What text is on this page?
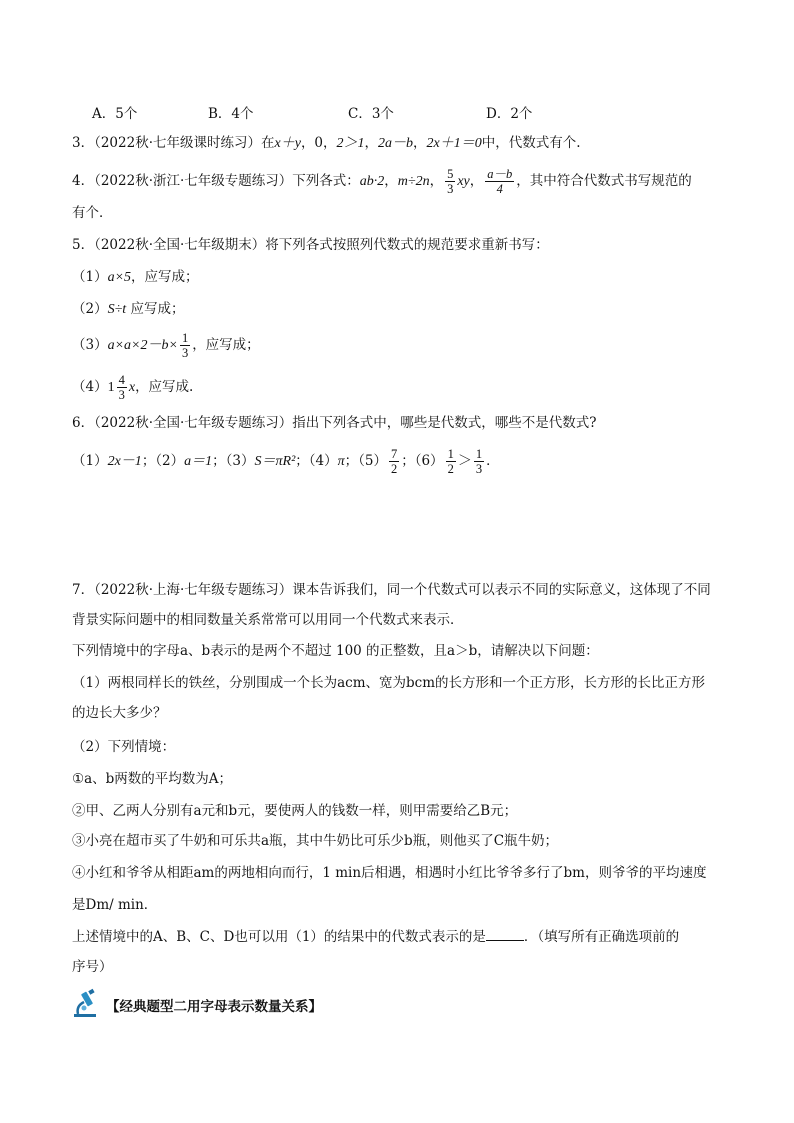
A．5个	B．4个	C．3个	D．2个
3．（2022秋·七年级课时练习）在x＋y，0，2＞1，2a－b，2x＋1＝0中，代数式有个.
4．（2022秋·浙江·七年级专题练习）下列各式：ab·2，m÷2n， $\frac{5}{3}$ xy， $\frac{a-b}{4}$ ，其中符合代数式书写规范的
有个．
5．（2022秋·全国·七年级期末）将下列各式按照列代数式的规范要求重新书写：
（1）a×5，应写成；
（2）S÷t 应写成；
$(3)a\times a\times 2-b\times \frac{1}{3}$ ，应写成；
$(4)1 \frac{4}{3}$ x，应写成.
6．（2022秋·全国·七年级专题练习）指出下列各式中，哪些是代数式，哪些不是代数式?
（1）2x－1；（2）a＝1；（3）S＝πR²；（4）π；$(5) \frac{7}{2}$ ；$(6) \frac{1}{2} > \frac{1}{3}$ ．
7．（2022秋·上海·七年级专题练习）课本告诉我们，同一个代数式可以表示不同的实际意义，这体现了不同
背景实际问题中的相同数量关系常常可以用同一个代数式来表示．
下列情境中的字母a、b表示的是两个不超过 100 的正整数，且a＞b，请解决以下问题：
（1）两根同样长的铁丝，分别围成一个长为acm、宽为bcm的长方形和一个正方形，长方形的长比正方形
的边长大多少？
（2）下列情境：
①a、b两数的平均数为A；
②甲、乙两人分别有a元和b元，要使两人的钱数一样，则甲需要给乙B元；
③小亮在超市买了牛奶和可乐共a瓶，其中牛奶比可乐少b瓶，则他买了C瓶牛奶；
④小红和爷爷从相距am的两地相向而行，1 min后相遇，相遇时小红比爷爷多行了bm，则爷爷的平均速度
是Dm/ min．
上述情境中的A、B、C、D也可以用（1）的结果中的代数式表示的是	．（填写所有正确选项前的
序号）
【经典题型二用字母表示数量关系】
